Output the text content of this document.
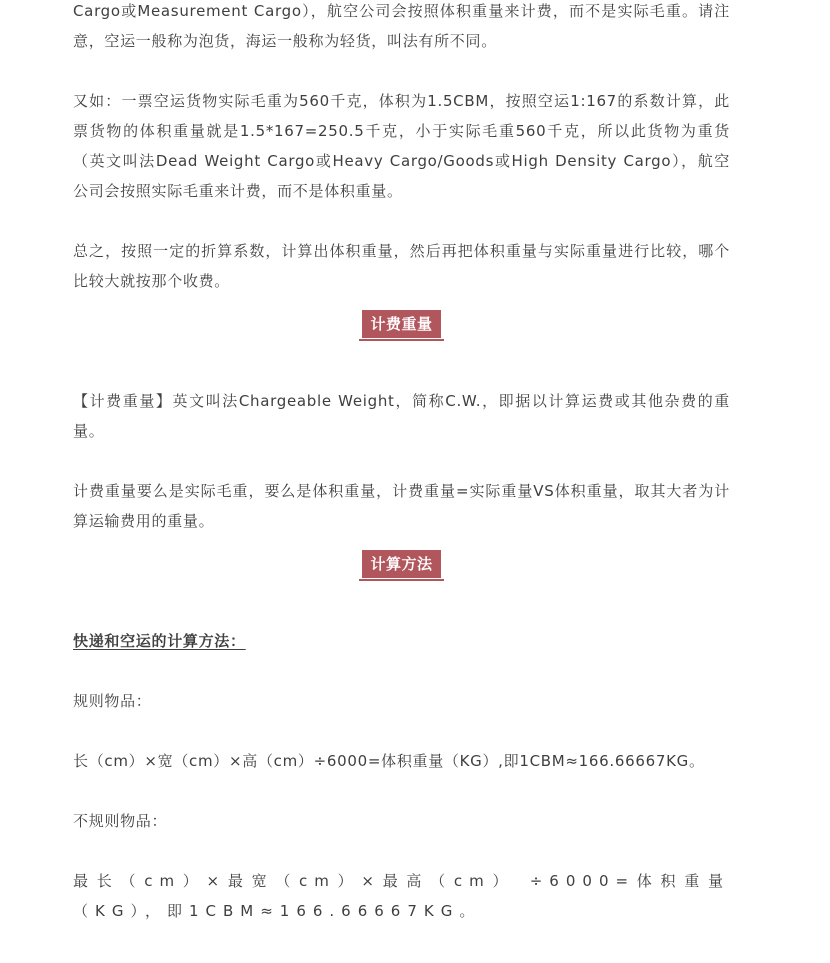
Cargo或Measurement Cargo），航空公司会按照体积重量来计费，而不是实际毛重。请注意，空运一般称为泡货，海运一般称为轻货，叫法有所不同。

又如：一票空运货物实际毛重为560千克，体积为1.5CBM，按照空运1:167的系数计算，此票货物的体积重量就是1.5*167=250.5千克，小于实际毛重560千克，所以此货物为重货（英文叫法Dead Weight Cargo或Heavy Cargo/Goods或High Density Cargo），航空公司会按照实际毛重来计费，而不是体积重量。

总之，按照一定的折算系数，计算出体积重量，然后再把体积重量与实际重量进行比较，哪个比较大就按那个收费。

计费重量

【计费重量】英文叫法Chargeable Weight，简称C.W.，即据以计算运费或其他杂费的重量。

计费重量要么是实际毛重，要么是体积重量，计费重量=实际重量VS体积重量，取其大者为计算运输费用的重量。

计算方法

快递和空运的计算方法：

规则物品：

长（cm）×宽（cm）×高（cm）÷6000=体积重量（KG）,即1CBM≈166.66667KG。

不规则物品：

最长（cm）×最宽（cm）×最高（cm） ÷6000=体积重量（KG），即1CBM≈166.66667KG。
